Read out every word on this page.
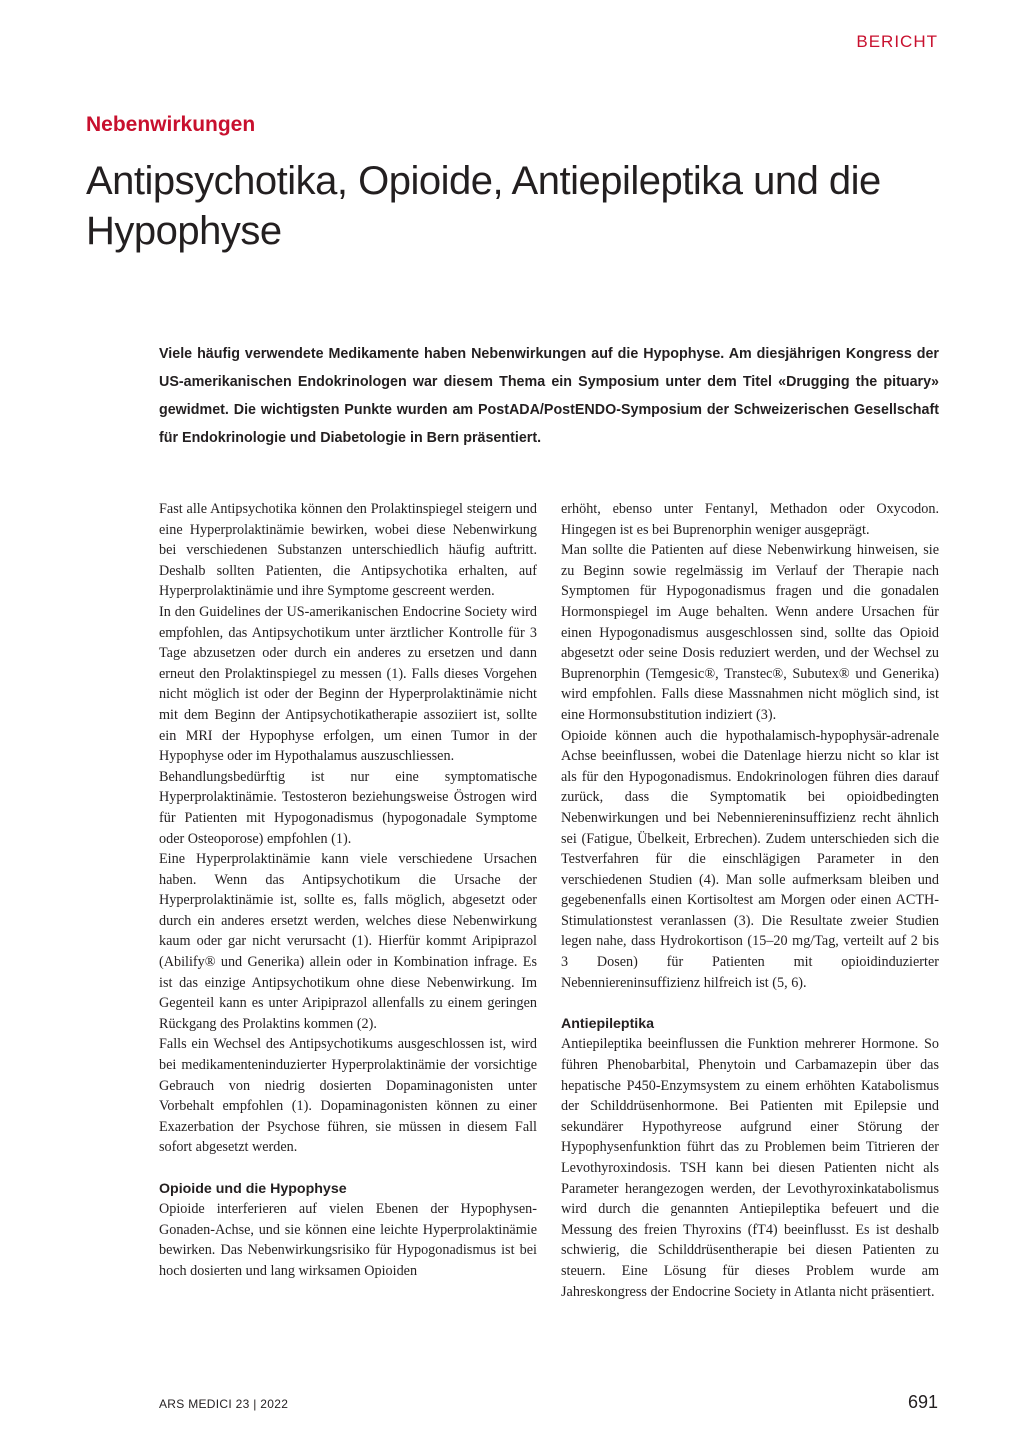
BERICHT
Nebenwirkungen
Antipsychotika, Opioide, Antiepileptika und die Hypophyse

Viele häufig verwendete Medikamente haben Nebenwirkungen auf die Hypophyse. Am diesjährigen Kongress der US-amerikanischen Endokrinologen war diesem Thema ein Symposium unter dem Titel «Drugging the pituary» gewidmet. Die wichtigsten Punkte wurden am PostADA/PostENDO-Symposium der Schweizerischen Gesellschaft für Endokrinologie und Diabetologie in Bern präsentiert.

Fast alle Antipsychotika können den Prolaktinspiegel steigern und eine Hyperprolaktinämie bewirken, wobei diese Nebenwirkung bei verschiedenen Substanzen unterschiedlich häufig auftritt. Deshalb sollten Patienten, die Antipsychotika erhalten, auf Hyperprolaktinämie und ihre Symptome gescreent werden.

In den Guidelines der US-amerikanischen Endocrine Society wird empfohlen, das Antipsychotikum unter ärztlicher Kontrolle für 3 Tage abzusetzen oder durch ein anderes zu ersetzen und dann erneut den Prolaktinspiegel zu messen (1). Falls dieses Vorgehen nicht möglich ist oder der Beginn der Hyperprolaktinämie nicht mit dem Beginn der Antipsychotikatherapie assoziiert ist, sollte ein MRI der Hypophyse erfolgen, um einen Tumor in der Hypophyse oder im Hypothalamus auszuschliessen.

Behandlungsbedürftig ist nur eine symptomatische Hyperprolaktinämie. Testosteron beziehungsweise Östrogen wird für Patienten mit Hypogonadismus (hypogonadale Symptome oder Osteoporose) empfohlen (1).

Eine Hyperprolaktinämie kann viele verschiedene Ursachen haben. Wenn das Antipsychotikum die Ursache der Hyperprolaktinämie ist, sollte es, falls möglich, abgesetzt oder durch ein anderes ersetzt werden, welches diese Nebenwirkung kaum oder gar nicht verursacht (1). Hierfür kommt Aripiprazol (Abilify® und Generika) allein oder in Kombination infrage. Es ist das einzige Antipsychotikum ohne diese Nebenwirkung. Im Gegenteil kann es unter Aripiprazol allenfalls zu einem geringen Rückgang des Prolaktins kommen (2).

Falls ein Wechsel des Antipsychotikums ausgeschlossen ist, wird bei medikamenteninduzierter Hyperprolaktinämie der vorsichtige Gebrauch von niedrig dosierten Dopaminagonisten unter Vorbehalt empfohlen (1). Dopaminagonisten können zu einer Exazerbation der Psychose führen, sie müssen in diesem Fall sofort abgesetzt werden.

Opioide und die Hypophyse

Opioide interferieren auf vielen Ebenen der Hypophysen-Gonaden-Achse, und sie können eine leichte Hyperprolaktinämie bewirken. Das Nebenwirkungsrisiko für Hypogonadismus ist bei hoch dosierten und lang wirksamen Opioiden

erhöht, ebenso unter Fentanyl, Methadon oder Oxycodon. Hingegen ist es bei Buprenorphin weniger ausgeprägt.

Man sollte die Patienten auf diese Nebenwirkung hinweisen, sie zu Beginn sowie regelmässig im Verlauf der Therapie nach Symptomen für Hypogonadismus fragen und die gonadalen Hormonspiegel im Auge behalten. Wenn andere Ursachen für einen Hypogonadismus ausgeschlossen sind, sollte das Opioid abgesetzt oder seine Dosis reduziert werden, und der Wechsel zu Buprenorphin (Temgesic®, Transtec®, Subutex® und Generika) wird empfohlen. Falls diese Massnahmen nicht möglich sind, ist eine Hormonsubstitution indiziert (3).

Opioide können auch die hypothalamisch-hypophysär-adrenale Achse beeinflussen, wobei die Datenlage hierzu nicht so klar ist als für den Hypogonadismus. Endokrinologen führen dies darauf zurück, dass die Symptomatik bei opioidbedingten Nebenwirkungen und bei Nebenniereninsuffizienz recht ähnlich sei (Fatigue, Übelkeit, Erbrechen). Zudem unterschieden sich die Testverfahren für die einschlägigen Parameter in den verschiedenen Studien (4). Man solle aufmerksam bleiben und gegebenenfalls einen Kortisoltest am Morgen oder einen ACTH-Stimulationstest veranlassen (3). Die Resultate zweier Studien legen nahe, dass Hydrokortison (15–20 mg/Tag, verteilt auf 2 bis 3 Dosen) für Patienten mit opioidinduzierter Nebenniereninsuffizienz hilfreich ist (5, 6).

Antiepileptika

Antiepileptika beeinflussen die Funktion mehrerer Hormone. So führen Phenobarbital, Phenytoin und Carbamazepin über das hepatische P450-Enzymsystem zu einem erhöhten Katabolismus der Schilddrüsenhormone. Bei Patienten mit Epilepsie und sekundärer Hypothyreose aufgrund einer Störung der Hypophysenfunktion führt das zu Problemen beim Titrieren der Levothyroxindosis. TSH kann bei diesen Patienten nicht als Parameter herangezogen werden, der Levothyroxinkatabolismus wird durch die genannten Antiepileptika befeuert und die Messung des freien Thyroxins (fT4) beeinflusst. Es ist deshalb schwierig, die Schilddrüsentherapie bei diesen Patienten zu steuern. Eine Lösung für dieses Problem wurde am Jahreskongress der Endocrine Society in Atlanta nicht präsentiert.

ARS MEDICI 23 | 2022	691
